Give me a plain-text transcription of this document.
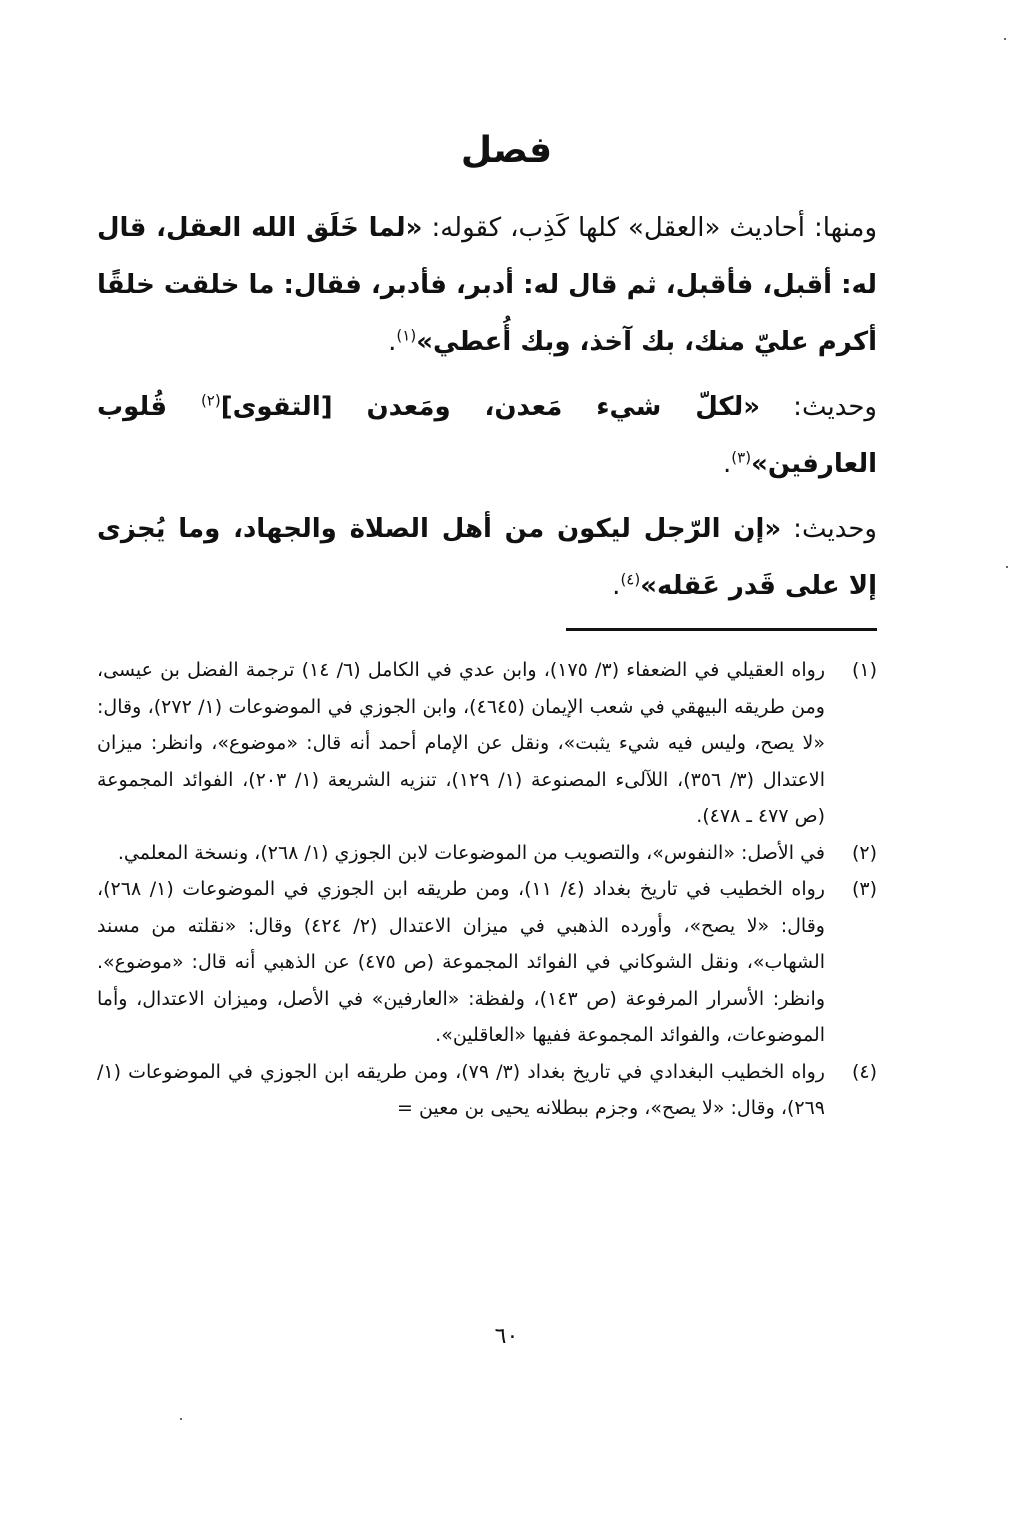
فصل

ومنها: أحاديث «العقل» كلها كَذِب، كقوله: «لما خَلَق الله العقل، قال له: أقبل، فأقبل، ثم قال له: أدبر، فأدبر، فقال: ما خلقت خلقًا أكرم عليّ منك، بك آخذ، وبك أُعطي»$^{(١)}$.

وحديث: «لكلّ شيء مَعدن، ومَعدن [التقوى]$^{(٢)}$ قُلوب العارفين»$^{(٣)}$.

وحديث: «إن الرّجل ليكون من أهل الصلاة والجهاد، وما يُجزى إلا على قَدر عَقله»$^{(٤)}$.

(١)
رواه العقيلي في الضعفاء (٣/ ١٧٥)، وابن عدي في الكامل (٦/ ١٤) ترجمة الفضل بن عيسى، ومن طريقه البيهقي في شعب الإيمان (٤٦٤٥)، وابن الجوزي في الموضوعات (١/ ٢٧٢)، وقال: «لا يصح، وليس فيه شيء يثبت»، ونقل عن الإمام أحمد أنه قال: «موضوع»، وانظر: ميزان الاعتدال (٣/ ٣٥٦)، اللآلىء المصنوعة (١/ ١٢٩)، تنزيه الشريعة (١/ ٢٠٣)، الفوائد المجموعة (ص ٤٧٧ ـ ٤٧٨).
(٢)
في الأصل: «النفوس»، والتصويب من الموضوعات لابن الجوزي (١/ ٢٦٨)، ونسخة المعلمي.
(٣)
رواه الخطيب في تاريخ بغداد (٤/ ١١)، ومن طريقه ابن الجوزي في الموضوعات (١/ ٢٦٨)، وقال: «لا يصح»، وأورده الذهبي في ميزان الاعتدال (٢/ ٤٢٤) وقال: «نقلته من مسند الشهاب»، ونقل الشوكاني في الفوائد المجموعة (ص ٤٧٥) عن الذهبي أنه قال: «موضوع». وانظر: الأسرار المرفوعة (ص ١٤٣)، ولفظة: «العارفين» في الأصل، وميزان الاعتدال، وأما الموضوعات، والفوائد المجموعة ففيها «العاقلين».
(٤)
رواه الخطيب البغدادي في تاريخ بغداد (٣/ ٧٩)، ومن طريقه ابن الجوزي في الموضوعات (١/ ٢٦٩)، وقال: «لا يصح»، وجزم ببطلانه يحيى بن معين =
٦٠
